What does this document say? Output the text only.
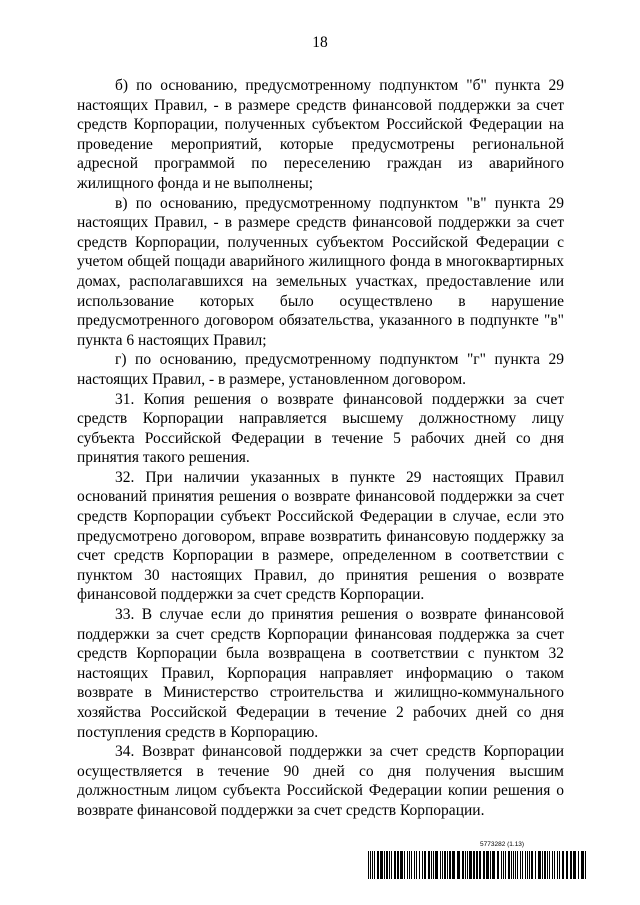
18

б) по основанию, предусмотренному подпунктом "б" пункта 29 настоящих Правил, - в размере средств финансовой поддержки за счет средств Корпорации, полученных субъектом Российской Федерации на проведение мероприятий, которые предусмотрены региональной адресной программой по переселению граждан из аварийного жилищного фонда и не выполнены;

в) по основанию, предусмотренному подпунктом "в" пункта 29 настоящих Правил, - в размере средств финансовой поддержки за счет средств Корпорации, полученных субъектом Российской Федерации с учетом общей пощади аварийного жилищного фонда в многоквартирных домах, располагавшихся на земельных участках, предоставление или использование которых было осуществлено в нарушение предусмотренного договором обязательства, указанного в подпункте "в" пункта 6 настоящих Правил;

г) по основанию, предусмотренному подпунктом "г" пункта 29 настоящих Правил, - в размере, установленном договором.

31. Копия решения о возврате финансовой поддержки за счет средств Корпорации направляется высшему должностному лицу субъекта Российской Федерации в течение 5 рабочих дней со дня принятия такого решения.

32. При наличии указанных в пункте 29 настоящих Правил оснований принятия решения о возврате финансовой поддержки за счет средств Корпорации субъект Российской Федерации в случае, если это предусмотрено договором, вправе возвратить финансовую поддержку за счет средств Корпорации в размере, определенном в соответствии с пунктом 30 настоящих Правил, до принятия решения о возврате финансовой поддержки за счет средств Корпорации.

33. В случае если до принятия решения о возврате финансовой поддержки за счет средств Корпорации финансовая поддержка за счет средств Корпорации была возвращена в соответствии с пунктом 32 настоящих Правил, Корпорация направляет информацию о таком возврате в Министерство строительства и жилищно-коммунального хозяйства Российской Федерации в течение 2 рабочих дней со дня поступления средств в Корпорацию.

34. Возврат финансовой поддержки за счет средств Корпорации осуществляется в течение 90 дней со дня получения высшим должностным лицом субъекта Российской Федерации копии решения о возврате финансовой поддержки за счет средств Корпорации.

5773282 (1.13)
